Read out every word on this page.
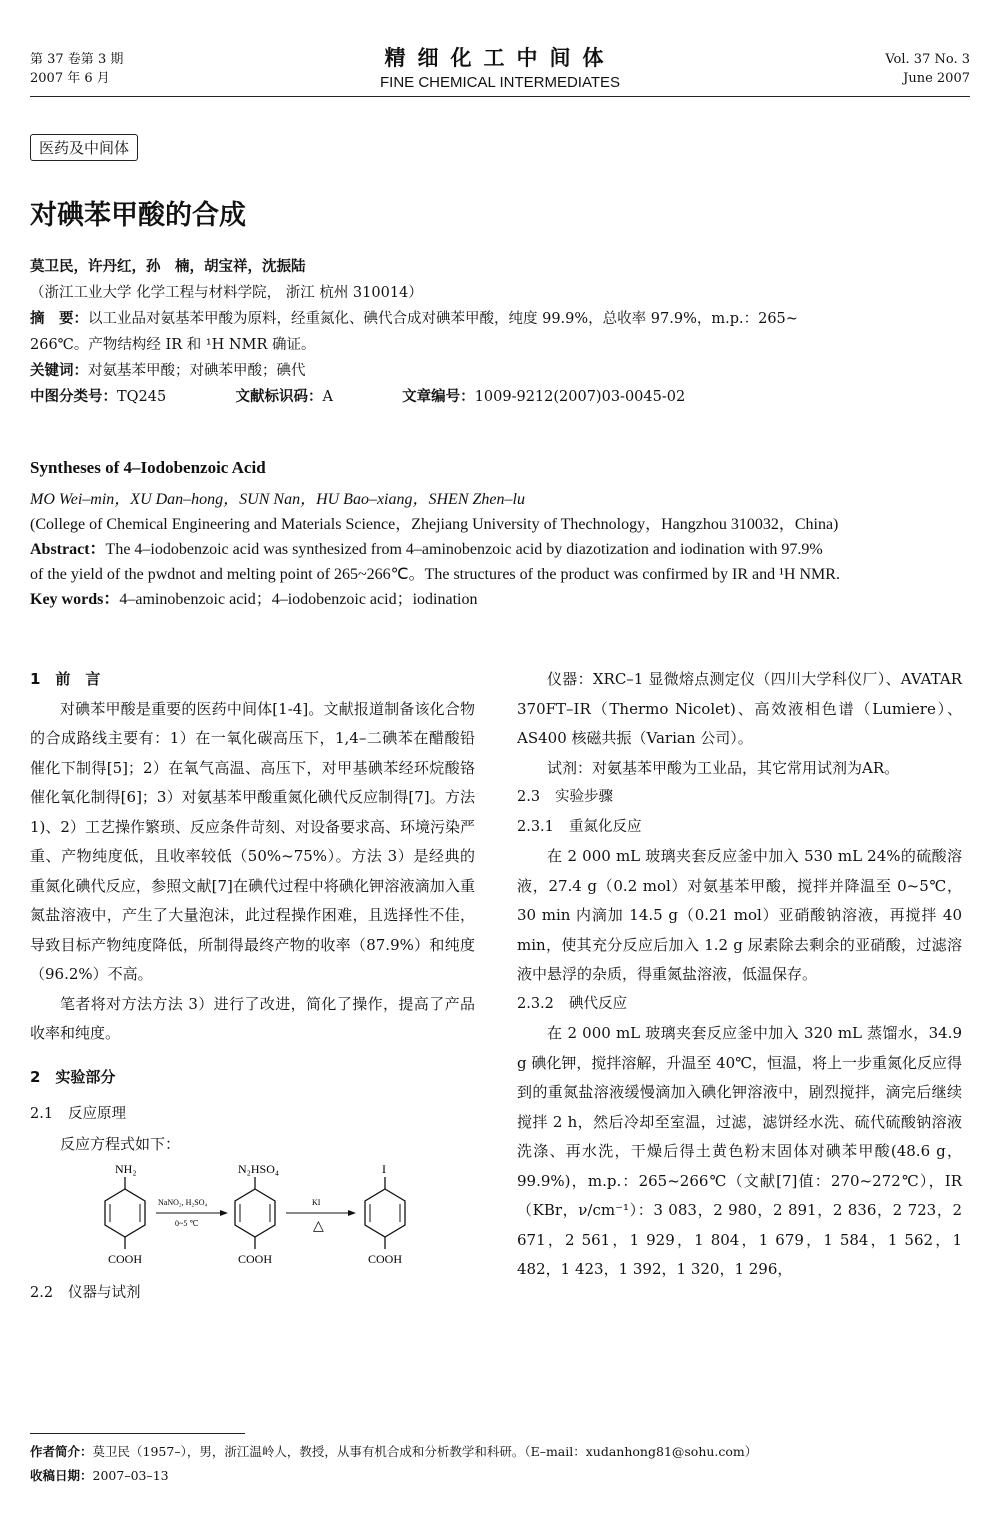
第 37 卷第 3 期
2007 年 6 月
精细化工中间体
FINE CHEMICAL INTERMEDIATES
Vol. 37 No. 3
June 2007
医药及中间体
对碘苯甲酸的合成
莫卫民，许丹红，孙　楠，胡宝祥，沈振陆
（浙江工业大学 化学工程与材料学院， 浙江 杭州 310014）
摘　要：以工业品对氨基苯甲酸为原料，经重氮化、碘代合成对碘苯甲酸，纯度 99.9%，总收率 97.9%，m.p.：265~
266℃。产物结构经 IR 和 ¹H NMR 确证。
关键词：对氨基苯甲酸；对碘苯甲酸；碘代
中图分类号：TQ245	文献标识码：A	文章编号：1009-9212(2007)03-0045-02
Syntheses of 4–Iodobenzoic Acid
MO Wei–min，XU Dan–hong，SUN Nan，HU Bao–xiang，SHEN Zhen–lu
(College of Chemical Engineering and Materials Science，Zhejiang University of Thechnology，Hangzhou 310032，China)
Abstract：The 4–iodobenzoic acid was synthesized from 4–aminobenzoic acid by diazotization and iodination with 97.9%
of the yield of the pwdnot and melting point of 265~266℃。The structures of the product was confirmed by IR and ¹H NMR.
Key words：4–aminobenzoic acid；4–iodobenzoic acid；iodination
1　前　言

对碘苯甲酸是重要的医药中间体[1-4]。文献报道制备该化合物的合成路线主要有：1）在一氧化碳高压下，1,4–二碘苯在醋酸铅催化下制得[5]；2）在氧气高温、高压下，对甲基碘苯经环烷酸铬催化氧化制得[6]；3）对氨基苯甲酸重氮化碘代反应制得[7]。方法1)、2）工艺操作繁琐、反应条件苛刻、对设备要求高、环境污染严重、产物纯度低，且收率较低（50%~75%）。方法 3）是经典的重氮化碘代反应，参照文献[7]在碘代过程中将碘化钾溶液滴加入重氮盐溶液中，产生了大量泡沫，此过程操作困难，且选择性不佳，导致目标产物纯度降低，所制得最终产物的收率（87.9%）和纯度（96.2%）不高。

笔者将对方法方法 3）进行了改进，简化了操作，提高了产品收率和纯度。

2　实验部分
2.1 反应原理

反应方程式如下：

NH₂
COOH
NaNO₂, H₂SO₄
0~5 ℃
N₂HSO₄
COOH
KI
△
I
COOH
2.2 仪器与试剂

仪器：XRC–1 显微熔点测定仪（四川大学科仪厂）、AVATAR 370FT–IR（Thermo Nicolet)、高效液相色谱（Lumiere）、AS400 核磁共振（Varian 公司）。

试剂：对氨基苯甲酸为工业品，其它常用试剂为AR。

2.3 实验步骤
2.3.1 重氮化反应

在 2 000 mL 玻璃夹套反应釜中加入 530 mL 24%的硫酸溶液，27.4 g（0.2 mol）对氨基苯甲酸，搅拌并降温至 0~5℃，30 min 内滴加 14.5 g（0.21 mol）亚硝酸钠溶液，再搅拌 40 min，使其充分反应后加入 1.2 g 尿素除去剩余的亚硝酸，过滤溶液中悬浮的杂质，得重氮盐溶液，低温保存。

2.3.2 碘代反应

在 2 000 mL 玻璃夹套反应釜中加入 320 mL 蒸馏水，34.9 g 碘化钾，搅拌溶解，升温至 40℃，恒温，将上一步重氮化反应得到的重氮盐溶液缓慢滴加入碘化钾溶液中，剧烈搅拌，滴完后继续搅拌 2 h，然后冷却至室温，过滤，滤饼经水洗、硫代硫酸钠溶液洗涤、再水洗，干燥后得土黄色粉末固体对碘苯甲酸(48.6 g，99.9%)，m.p.：265~266℃（文献[7]值：270~272℃），IR（KBr，ν/cm⁻¹）：3 083，2 980，2 891，2 836，2 723，2 671，2 561，1 929，1 804，1 679，1 584，1 562，1 482，1 423，1 392，1 320，1 296，

作者简介：莫卫民（1957–），男，浙江温岭人，教授，从事有机合成和分析教学和科研。（E–mail：xudanhong81@sohu.com）
收稿日期：2007–03–13
